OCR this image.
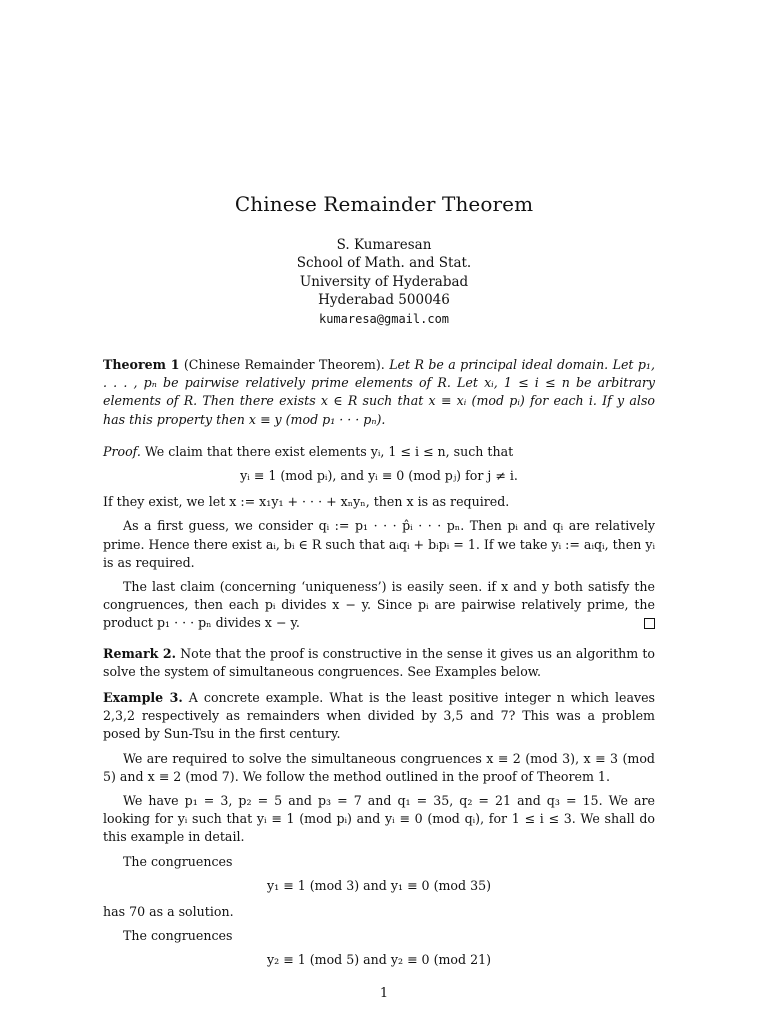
Chinese Remainder Theorem
S. Kumaresan
School of Math. and Stat.
University of Hyderabad
Hyderabad 500046
kumaresa@gmail.com

Theorem 1 (Chinese Remainder Theorem). Let R be a principal ideal domain. Let p₁, . . . , pₙ be pairwise relatively prime elements of R. Let xᵢ, 1 ≤ i ≤ n be arbitrary elements of R. Then there exists x ∈ R such that x ≡ xᵢ (mod pᵢ) for each i. If y also has this property then x ≡ y (mod p₁ · · · pₙ).

Proof. We claim that there exist elements yᵢ, 1 ≤ i ≤ n, such that

yᵢ ≡ 1 (mod pᵢ), and yᵢ ≡ 0 (mod pⱼ) for j ≠ i.

If they exist, we let x := x₁y₁ + · · · + xₙyₙ, then x is as required.

As a first guess, we consider qᵢ := p₁ · · · p̂ᵢ · · · pₙ. Then pᵢ and qᵢ are relatively prime. Hence there exist aᵢ, bᵢ ∈ R such that aᵢqᵢ + bᵢpᵢ = 1. If we take yᵢ := aᵢqᵢ, then yᵢ is as required.

The last claim (concerning ‘uniqueness’) is easily seen. if x and y both satisfy the congruences, then each pᵢ divides x − y. Since pᵢ are pairwise relatively prime, the product p₁ · · · pₙ divides x − y.

Remark 2. Note that the proof is constructive in the sense it gives us an algorithm to solve the system of simultaneous congruences. See Examples below.

Example 3. A concrete example. What is the least positive integer n which leaves 2,3,2 respectively as remainders when divided by 3,5 and 7? This was a problem posed by Sun-Tsu in the first century.

We are required to solve the simultaneous congruences x ≡ 2 (mod 3), x ≡ 3 (mod 5) and x ≡ 2 (mod 7). We follow the method outlined in the proof of Theorem 1.

We have p₁ = 3, p₂ = 5 and p₃ = 7 and q₁ = 35, q₂ = 21 and q₃ = 15. We are looking for yᵢ such that yᵢ ≡ 1 (mod pᵢ) and yᵢ ≡ 0 (mod qᵢ), for 1 ≤ i ≤ 3. We shall do this example in detail.

The congruences

y₁ ≡ 1 (mod 3) and y₁ ≡ 0 (mod 35)

has 70 as a solution.

The congruences

y₂ ≡ 1 (mod 5) and y₂ ≡ 0 (mod 21)
1
